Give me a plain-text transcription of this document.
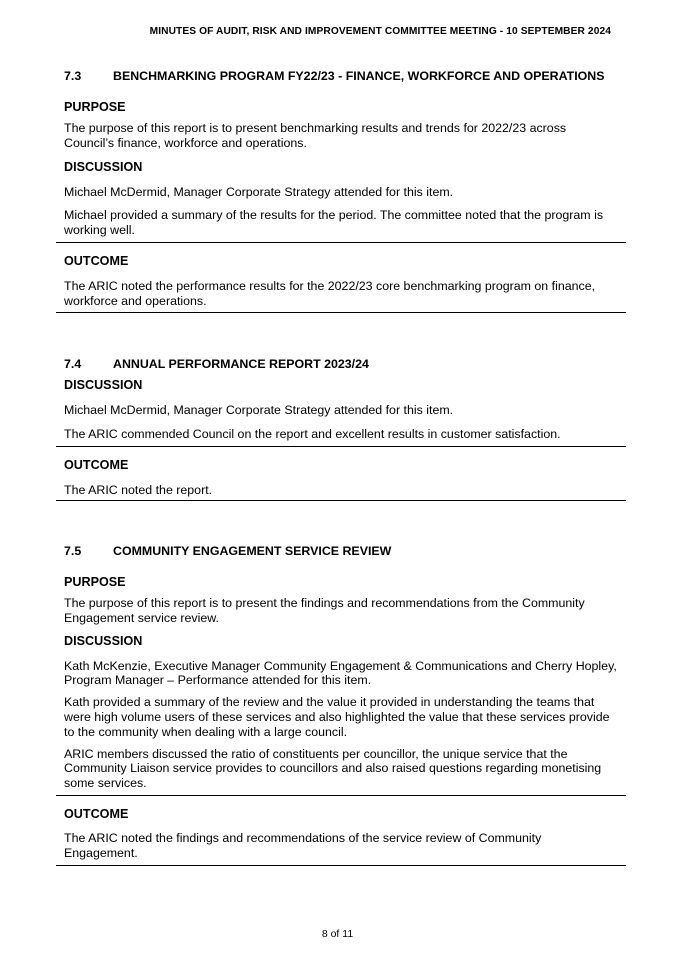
MINUTES OF AUDIT, RISK AND IMPROVEMENT COMMITTEE MEETING - 10 SEPTEMBER 2024
7.3	BENCHMARKING PROGRAM FY22/23 - FINANCE, WORKFORCE AND OPERATIONS
PURPOSE

The purpose of this report is to present benchmarking results and trends for 2022/23 across Council’s finance, workforce and operations.

DISCUSSION

Michael McDermid, Manager Corporate Strategy attended for this item.

Michael provided a summary of the results for the period. The committee noted that the program is working well.

OUTCOME

The ARIC noted the performance results for the 2022/23 core benchmarking program on finance, workforce and operations.

7.4	ANNUAL PERFORMANCE REPORT 2023/24
DISCUSSION

Michael McDermid, Manager Corporate Strategy attended for this item.

The ARIC commended Council on the report and excellent results in customer satisfaction.

OUTCOME

The ARIC noted the report.

7.5	COMMUNITY ENGAGEMENT SERVICE REVIEW
PURPOSE

The purpose of this report is to present the findings and recommendations from the Community Engagement service review.

DISCUSSION

Kath McKenzie, Executive Manager Community Engagement & Communications and Cherry Hopley, Program Manager – Performance attended for this item.

Kath provided a summary of the review and the value it provided in understanding the teams that were high volume users of these services and also highlighted the value that these services provide to the community when dealing with a large council.

ARIC members discussed the ratio of constituents per councillor, the unique service that the Community Liaison service provides to councillors and also raised questions regarding monetising some services.

OUTCOME

The ARIC noted the findings and recommendations of the service review of Community Engagement.

8 of 11
